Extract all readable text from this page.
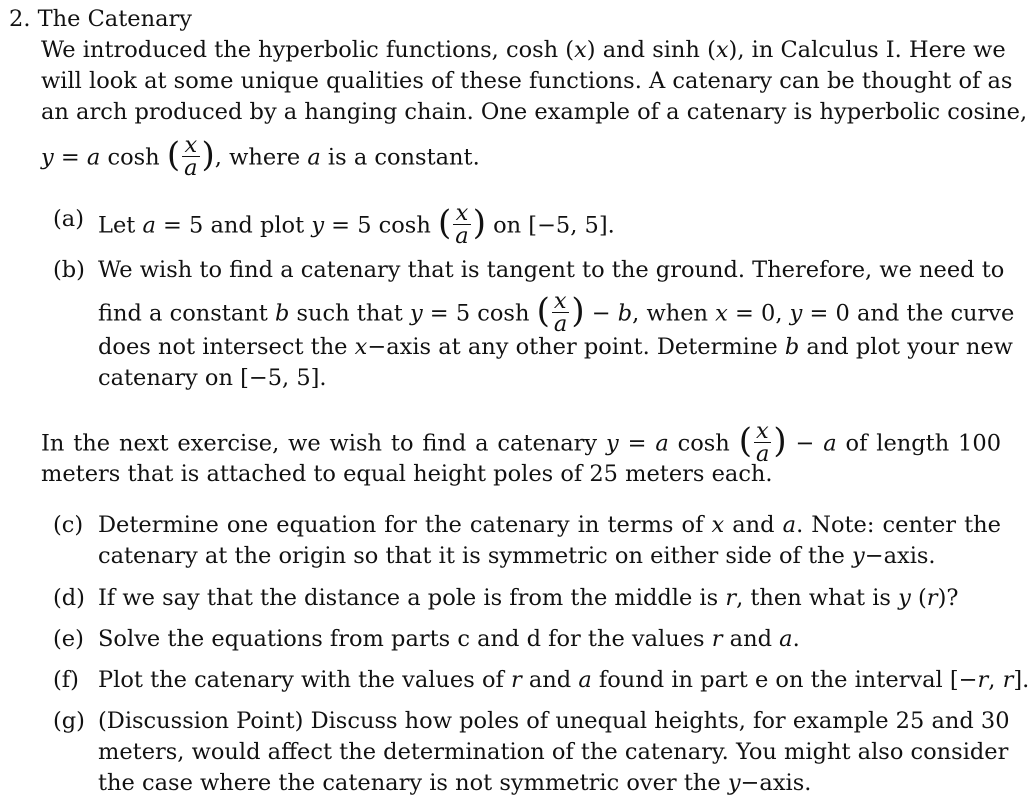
2. The Catenary
We introduced the hyperbolic functions, cosh (x) and sinh (x), in Calculus I. Here we
will look at some unique qualities of these functions. A catenary can be thought of as
an arch produced by a hanging chain. One example of a catenary is hyperbolic cosine,
y = a cosh ( $\frac{x}{a}$ ), where a is a constant.
(a) Let a = 5 and plot y = 5 cosh ( $\frac{x}{a}$ ) on [−5, 5].
(b) We wish to find a catenary that is tangent to the ground. Therefore, we need to
find a constant b such that y = 5 cosh ( $\frac{x}{a}$ ) − b, when x = 0, y = 0 and the curve
does not intersect the x−axis at any other point. Determine b and plot your new
catenary on [−5, 5].
In the next exercise, we wish to find a catenary y = a cosh ( $\frac{x}{a}$ ) − a of length 100
meters that is attached to equal height poles of 25 meters each.
(c) Determine one equation for the catenary in terms of x and a. Note: center the
catenary at the origin so that it is symmetric on either side of the y−axis.
(d) If we say that the distance a pole is from the middle is r, then what is y (r)?
(e) Solve the equations from parts c and d for the values r and a.
(f) Plot the catenary with the values of r and a found in part e on the interval [−r, r].
(g) (Discussion Point) Discuss how poles of unequal heights, for example 25 and 30
meters, would affect the determination of the catenary. You might also consider
the case where the catenary is not symmetric over the y−axis.
